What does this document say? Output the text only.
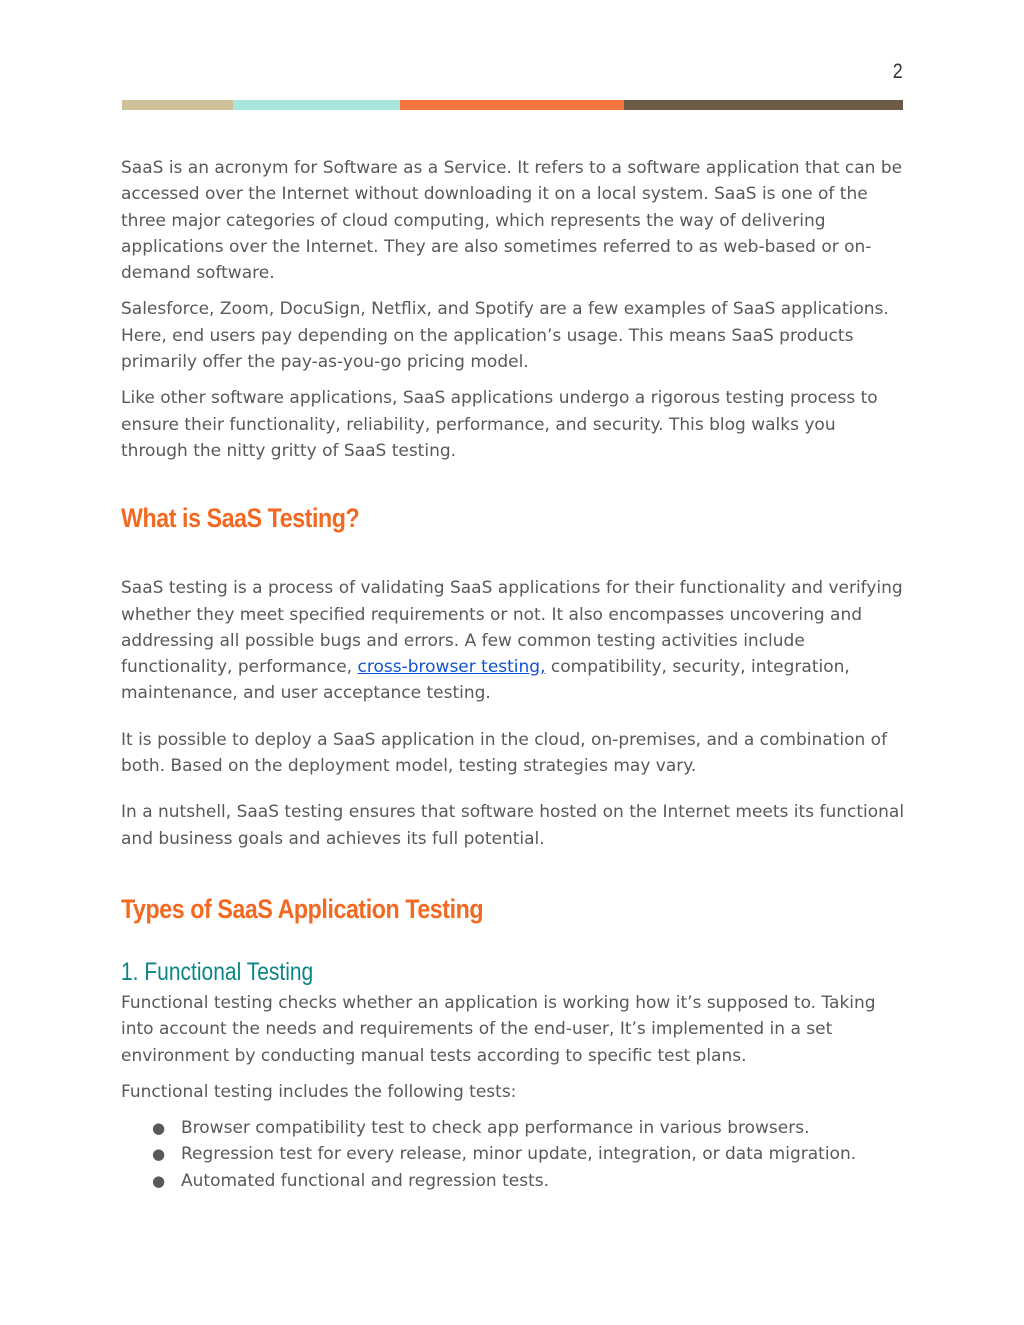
2

SaaS is an acronym for Software as a Service. It refers to a software application that can be accessed over the Internet without downloading it on a local system. SaaS is one of the three major categories of cloud computing, which represents the way of delivering applications over the Internet. They are also sometimes referred to as web-based or on-demand software.

Salesforce, Zoom, DocuSign, Netflix, and Spotify are a few examples of SaaS applications. Here, end users pay depending on the application’s usage. This means SaaS products primarily offer the pay-as-you-go pricing model.

Like other software applications, SaaS applications undergo a rigorous testing process to ensure their functionality, reliability, performance, and security. This blog walks you through the nitty gritty of SaaS testing.

What is SaaS Testing?

SaaS testing is a process of validating SaaS applications for their functionality and verifying whether they meet specified requirements or not. It also encompasses uncovering and addressing all possible bugs and errors. A few common testing activities include functionality, performance, cross-browser testing, compatibility, security, integration, maintenance, and user acceptance testing.

It is possible to deploy a SaaS application in the cloud, on-premises, and a combination of both. Based on the deployment model, testing strategies may vary.

In a nutshell, SaaS testing ensures that software hosted on the Internet meets its functional and business goals and achieves its full potential.

Types of SaaS Application Testing
1. Functional Testing

Functional testing checks whether an application is working how it’s supposed to. Taking into account the needs and requirements of the end-user, It’s implemented in a set environment by conducting manual tests according to specific test plans.

Functional testing includes the following tests:

● Browser compatibility test to check app performance in various browsers.
● Regression test for every release, minor update, integration, or data migration.
● Automated functional and regression tests.
